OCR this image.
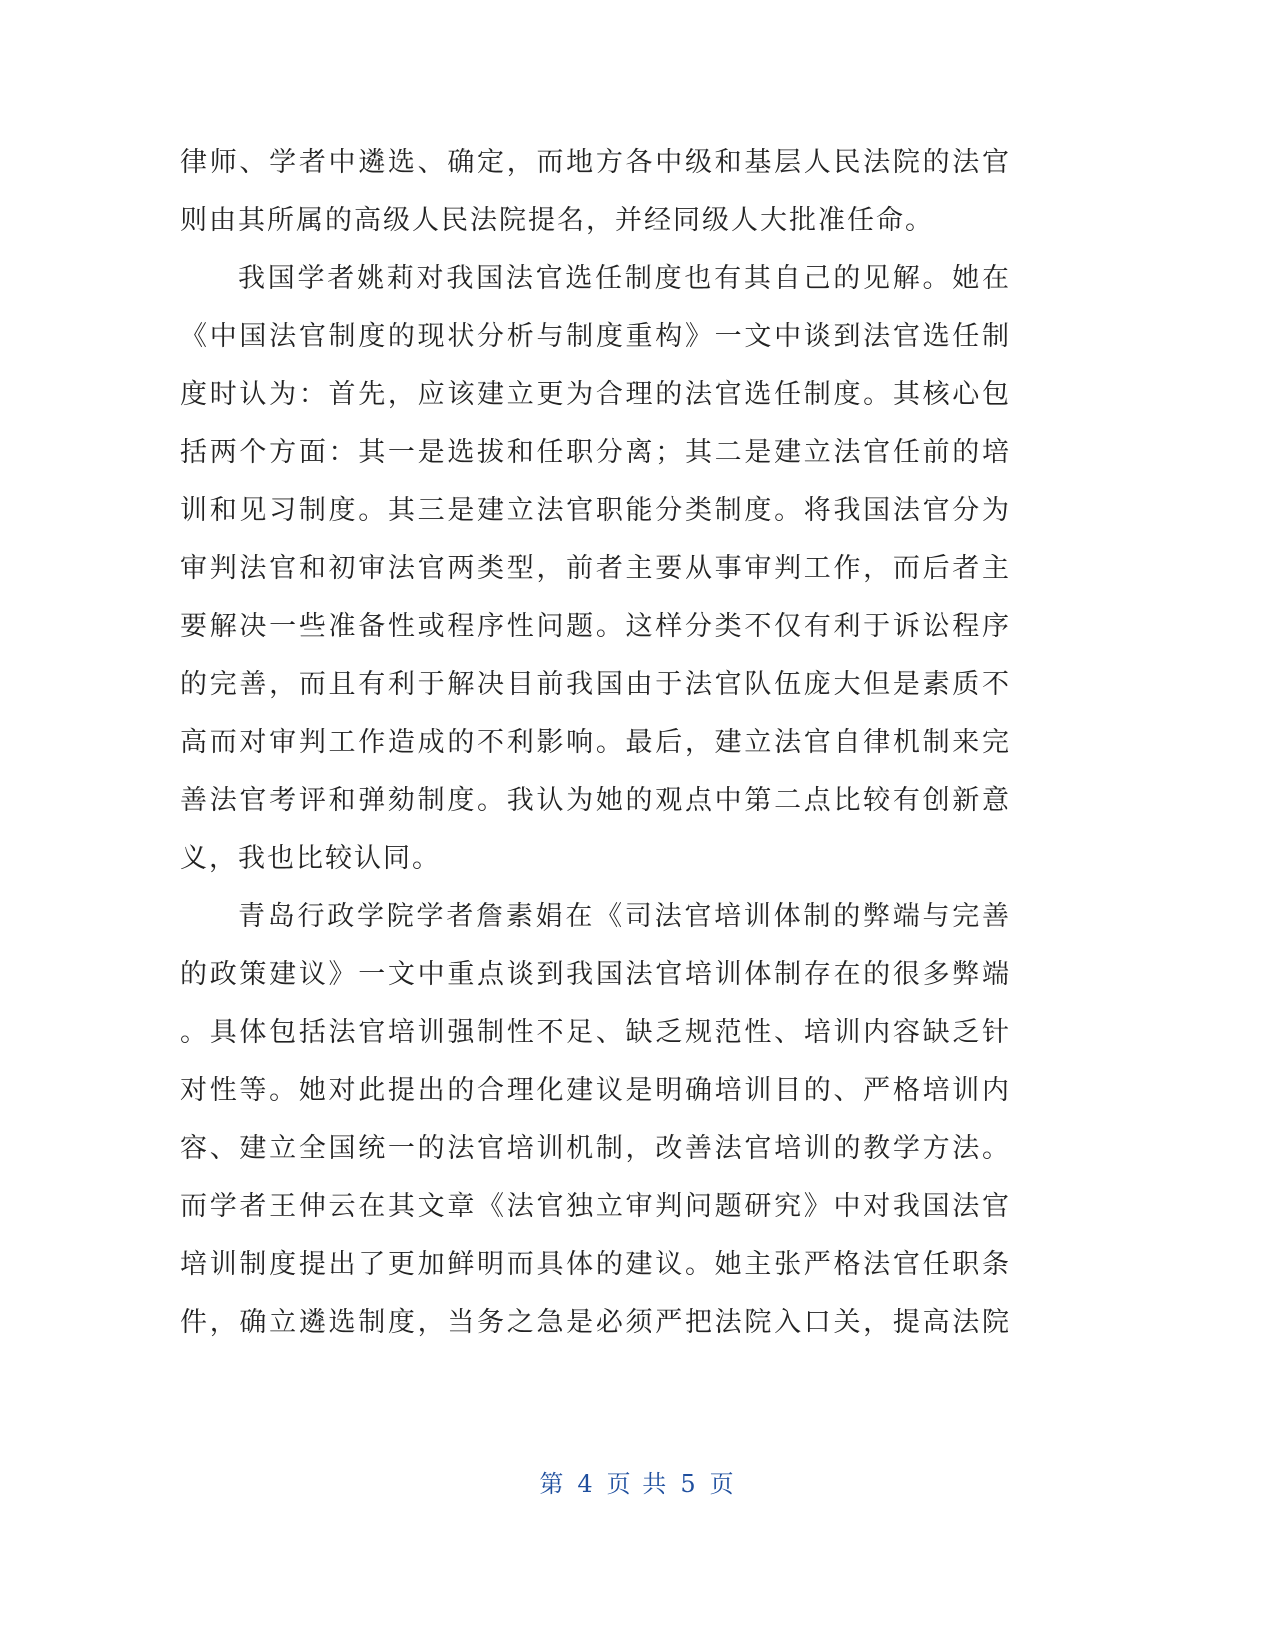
律师、学者中遴选、确定，而地方各中级和基层人民法院的法官
则由其所属的高级人民法院提名，并经同级人大批准任命。
我国学者姚莉对我国法官选任制度也有其自己的见解。她在
《中国法官制度的现状分析与制度重构》一文中谈到法官选任制
度时认为：首先，应该建立更为合理的法官选任制度。其核心包
括两个方面：其一是选拔和任职分离；其二是建立法官任前的培
训和见习制度。其三是建立法官职能分类制度。将我国法官分为
审判法官和初审法官两类型，前者主要从事审判工作，而后者主
要解决一些准备性或程序性问题。这样分类不仅有利于诉讼程序
的完善，而且有利于解决目前我国由于法官队伍庞大但是素质不
高而对审判工作造成的不利影响。最后，建立法官自律机制来完
善法官考评和弹劾制度。我认为她的观点中第二点比较有创新意
义，我也比较认同。
青岛行政学院学者詹素娟在《司法官培训体制的弊端与完善
的政策建议》一文中重点谈到我国法官培训体制存在的很多弊端
。具体包括法官培训强制性不足、缺乏规范性、培训内容缺乏针
对性等。她对此提出的合理化建议是明确培训目的、严格培训内
容、建立全国统一的法官培训机制，改善法官培训的教学方法。
而学者王伸云在其文章《法官独立审判问题研究》中对我国法官
培训制度提出了更加鲜明而具体的建议。她主张严格法官任职条
件，确立遴选制度，当务之急是必须严把法院入口关，提高法院
第 4 页 共 5 页
